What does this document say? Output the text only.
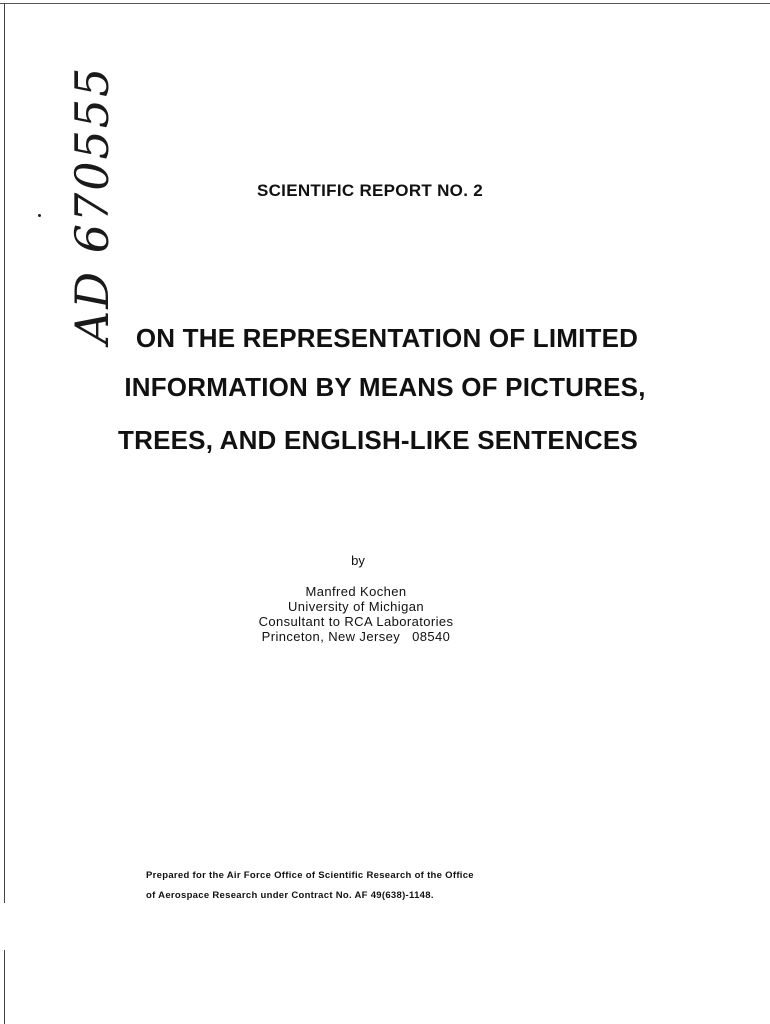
AD 670555	SCIENTIFIC REPORT NO. 2
ON THE REPRESENTATION OF LIMITED
INFORMATION BY MEANS OF PICTURES,
TREES, AND ENGLISH-LIKE SENTENCES
by
Manfred Kochen
University of Michigan
Consultant to RCA Laboratories
Princeton, New Jersey   08540
Prepared for the Air Force Office of Scientific Research of the Office
of Aerospace Research under Contract No. AF 49(638)-1148.
